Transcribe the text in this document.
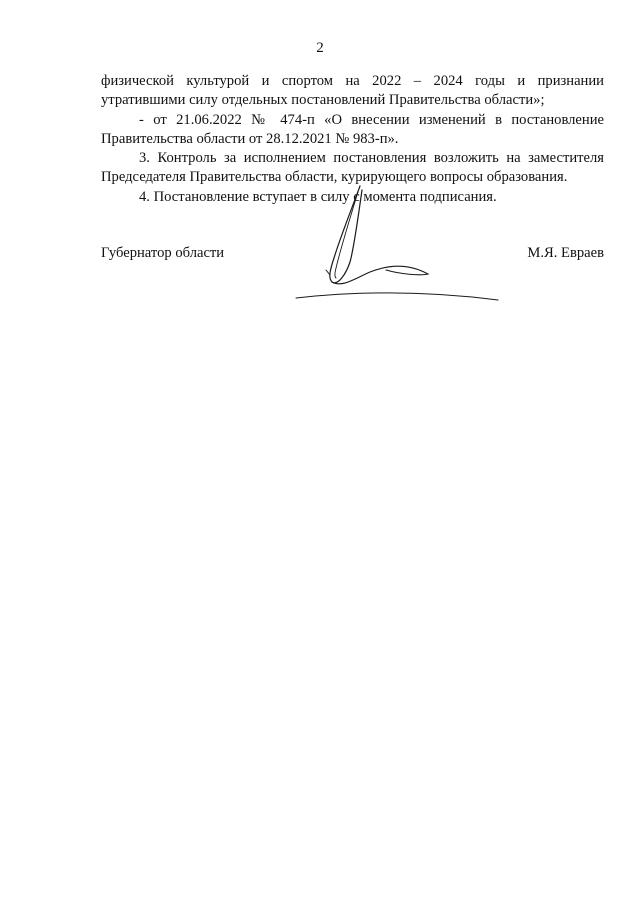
2

физической культурой и спортом на 2022 – 2024 годы и признании утратившими силу отдельных постановлений Правительства области»;

- от 21.06.2022 № 474-п «О внесении изменений в постановление Правительства области от 28.12.2021 № 983-п».

3. Контроль за исполнением постановления возложить на заместителя Председателя Правительства области, курирующего вопросы образования.

4. Постановление вступает в силу с момента подписания.

Губернатор области	М.Я. Евраев
